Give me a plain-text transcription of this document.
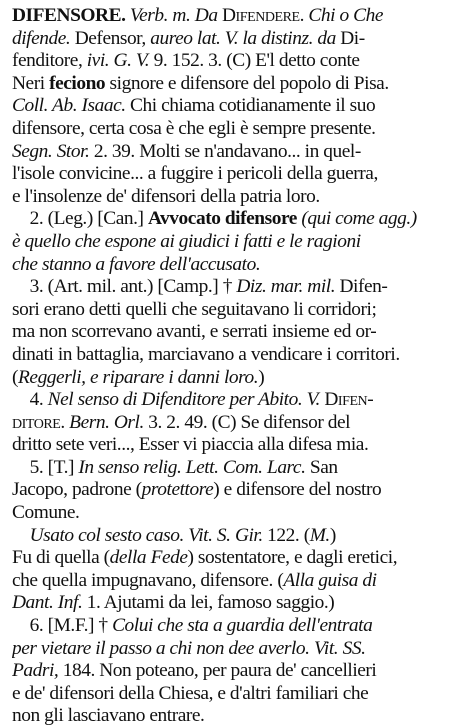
DIFENSORE. Verb. m. Da Difendere. Chi o Che
difende. Defensor, aureo lat. V. la distinz. da Di-
fenditore, ivi. G. V. 9. 152. 3. (C) E'l detto conte
Neri feciono signore e difensore del popolo di Pisa.
Coll. Ab. Isaac. Chi chiama cotidianamente il suo
difensore, certa cosa è che egli è sempre presente.
Segn. Stor. 2. 39. Molti se n'andavano... in quel-
l'isole convicine... a fuggire i pericoli della guerra,
e l'insolenze de' difensori della patria loro.
2. (Leg.) [Can.] Avvocato difensore (qui come agg.)
è quello che espone ai giudici i fatti e le ragioni
che stanno a favore dell'accusato.
3. (Art. mil. ant.) [Camp.] † Diz. mar. mil. Difen-
sori erano detti quelli che seguitavano li corridori;
ma non scorrevano avanti, e serrati insieme ed or-
dinati in battaglia, marciavano a vendicare i corritori.
(Reggerli, e riparare i danni loro.)
4. Nel senso di Difenditore per Abito. V. Difen-
ditore. Bern. Orl. 3. 2. 49. (C) Se difensor del
dritto sete veri..., Esser vi piaccia alla difesa mia.
5. [T.] In senso relig. Lett. Com. Larc. San
Jacopo, padrone (protettore) e difensore del nostro
Comune.
Usato col sesto caso. Vit. S. Gir. 122. (M.)
Fu di quella (della Fede) sostentatore, e dagli eretici,
che quella impugnavano, difensore. (Alla guisa di
Dant. Inf. 1. Ajutami da lei, famoso saggio.)
6. [M.F.] † Colui che sta a guardia dell'entrata
per vietare il passo a chi non dee averlo. Vit. SS.
Padri, 184. Non poteano, per paura de' cancellieri
e de' difensori della Chiesa, e d'altri familiari che
non gli lasciavano entrare.
